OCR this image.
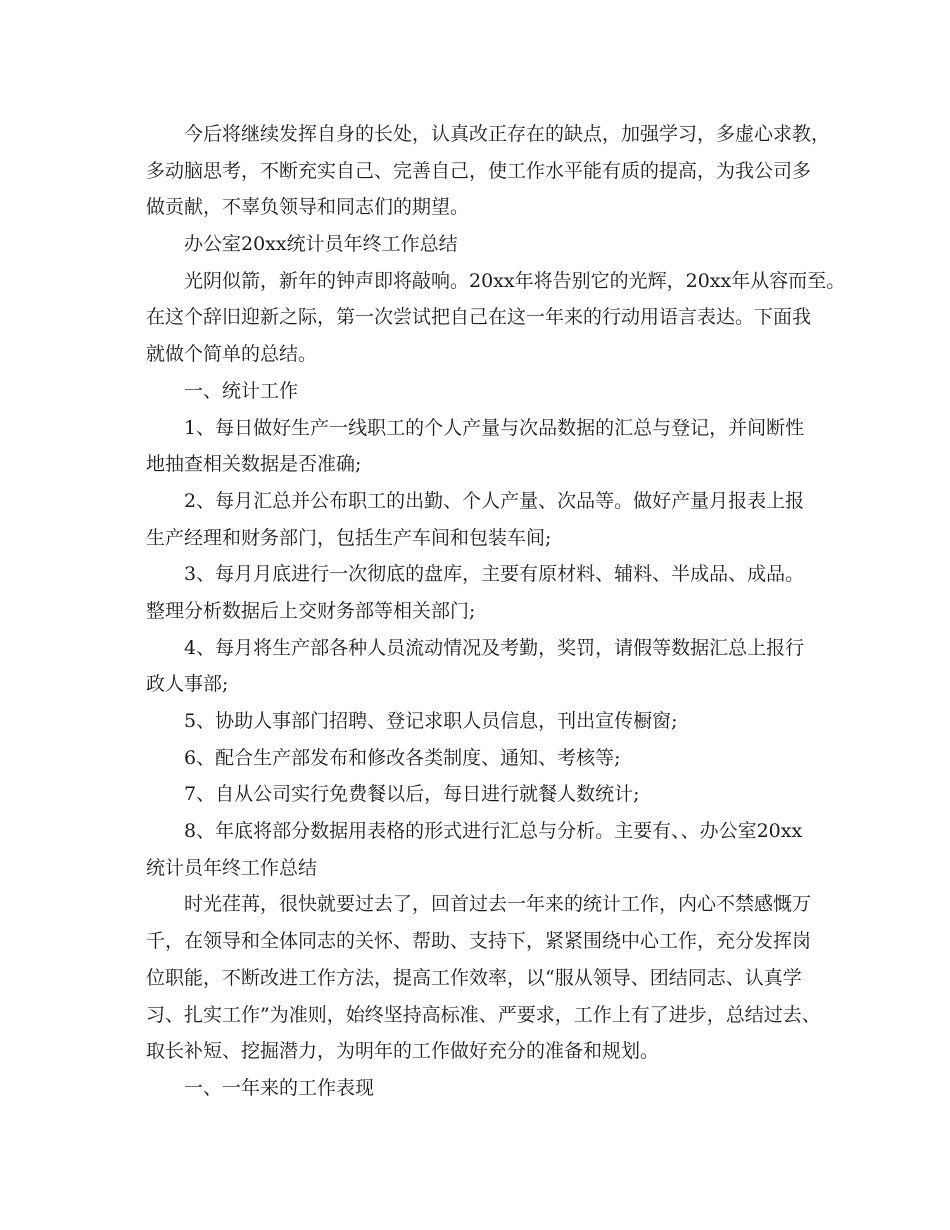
今后将继续发挥自身的长处，认真改正存在的缺点，加强学习，多虚心求教，
多动脑思考，不断充实自己、完善自己，使工作水平能有质的提高，为我公司多
做贡献，不辜负领导和同志们的期望。
办公室20xx统计员年终工作总结
光阴似箭，新年的钟声即将敲响。20xx年将告别它的光辉，20xx年从容而至。
在这个辞旧迎新之际，第一次尝试把自己在这一年来的行动用语言表达。下面我
就做个简单的总结。
一、统计工作
1、每日做好生产一线职工的个人产量与次品数据的汇总与登记，并间断性
地抽查相关数据是否准确;
2、每月汇总并公布职工的出勤、个人产量、次品等。做好产量月报表上报
生产经理和财务部门，包括生产车间和包装车间;
3、每月月底进行一次彻底的盘库，主要有原材料、辅料、半成品、成品。
整理分析数据后上交财务部等相关部门;
4、每月将生产部各种人员流动情况及考勤，奖罚，请假等数据汇总上报行
政人事部;
5、协助人事部门招聘、登记求职人员信息，刊出宣传橱窗;
6、配合生产部发布和修改各类制度、通知、考核等;
7、自从公司实行免费餐以后，每日进行就餐人数统计;
8、年底将部分数据用表格的形式进行汇总与分析。主要有、、办公室20xx
统计员年终工作总结
时光荏苒，很快就要过去了，回首过去一年来的统计工作，内心不禁感慨万
千，在领导和全体同志的关怀、帮助、支持下，紧紧围绕中心工作，充分发挥岗
位职能，不断改进工作方法，提高工作效率，以“服从领导、团结同志、认真学
习、扎实工作”为准则，始终坚持高标准、严要求，工作上有了进步，总结过去、
取长补短、挖掘潜力，为明年的工作做好充分的准备和规划。
一、一年来的工作表现
